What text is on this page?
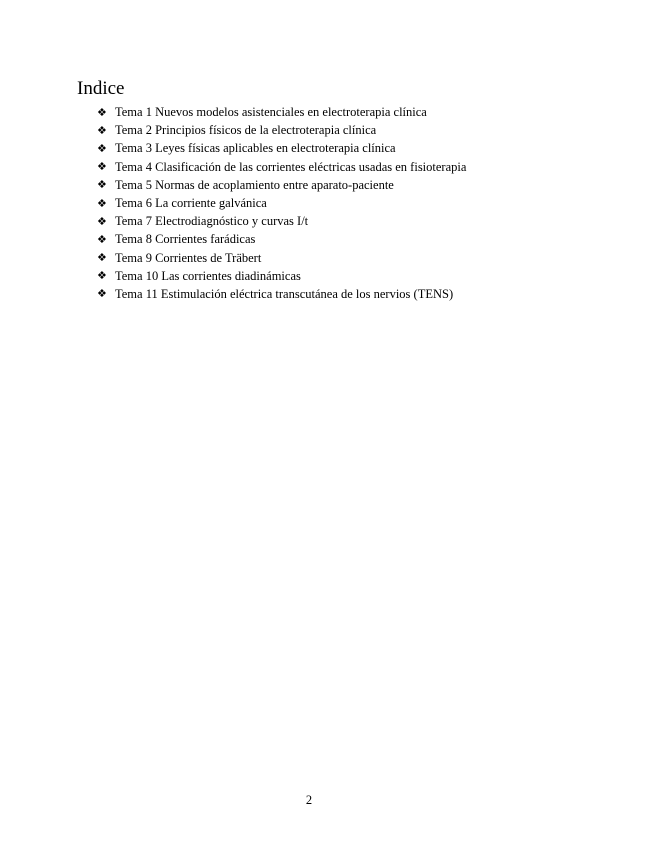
Indice
❖ Tema 1 Nuevos modelos asistenciales en electroterapia clínica
❖ Tema 2 Principios físicos de la electroterapia clínica
❖ Tema 3 Leyes físicas aplicables en electroterapia clínica
❖ Tema 4 Clasificación de las corrientes eléctricas usadas en fisioterapia
❖ Tema 5 Normas de acoplamiento entre aparato-paciente
❖ Tema 6 La corriente galvánica
❖ Tema 7 Electrodiagnóstico y curvas I/t
❖ Tema 8 Corrientes farádicas
❖ Tema 9 Corrientes de Träbert
❖ Tema 10 Las corrientes diadinámicas
❖ Tema 11 Estimulación eléctrica transcutánea de los nervios (TENS)
2
